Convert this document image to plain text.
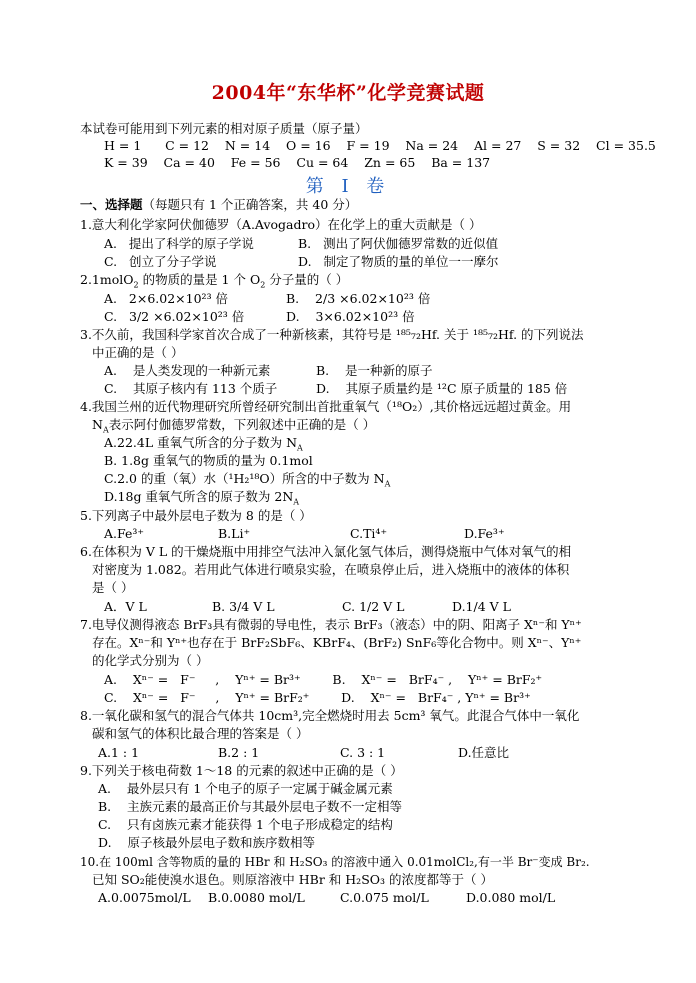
2004年“东华杯”化学竞赛试题
本试卷可能用到下列元素的相对原子质量（原子量）
H = 1      C = 12    N = 14    O = 16    F = 19    Na = 24    Al = 27    S = 32    Cl = 35.5
K = 39    Ca = 40    Fe = 56    Cu = 64    Zn = 65    Ba = 137
第 I 卷
一、选择题（每题只有 1 个正确答案，共 40 分）
1.意大利化学家阿伏伽德罗（A.Avogadro）在化学上的重大贡献是（ ）
A.   提出了科学的原子学说	B.   测出了阿伏伽德罗常数的近似值
C.   创立了分子学说	D.   制定了物质的量的单位一一摩尔
2.1molO$_2$ 的物质的量是 1 个 $O_2$ 分子量的（ ）
A.   2×6.02×10²³ 倍	B.    2/3 ×6.02×10²³ 倍
C.   3/2 ×6.02×10²³ 倍	D.    3×6.02×10²³ 倍
3.不久前，我国科学家首次合成了一种新核素，其符号是 ¹⁸⁵₇₂Hf. 关于 ¹⁸⁵₇₂Hf. 的下列说法
中正确的是（ ）
A.    是人类发现的一种新元素	B.    是一种新的原子
C.    其原子核内有 113 个质子	D.    其原子质量约是 ¹²C 原子质量的 185 倍
4.我国兰州的近代物理研究所曾经研究制出首批重氧气（¹⁸O₂）,其价格远远超过黄金。用
$N_A$表示阿付伽德罗常数，下列叙述中正确的是（ ）
A.22.4L 重氧气所含的分子数为 $N_A$
B. 1.8g 重氧气的物质的量为 0.1mol
C.2.0 的重（氧）水（¹H₂¹⁸O）所含的中子数为 $N_A$
D.18g 重氧气所含的原子数为 $2N_A$
5.下列离子中最外层电子数为 8 的是（ ）
A.Fe³⁺	B.Li⁺	C.Ti⁴⁺	D.Fe³⁺
6.在体积为 V L 的干燥烧瓶中用排空气法冲入氯化氢气体后，测得烧瓶中气体对氧气的相
对密度为 1.082。若用此气体进行喷泉实验，在喷泉停止后，进入烧瓶中的液体的体积
是（ ）
A．V L	B. 3/4 V L	C. 1/2 V L	D.1/4 V L
7.电导仪测得液态 BrF₃具有微弱的导电性，表示 BrF₃（液态）中的阴、阳离子 Xⁿ⁻和 Yⁿ⁺
存在。Xⁿ⁻和 Yⁿ⁺也存在于 BrF₂SbF₆、KBrF₄、(BrF₂) SnF₆等化合物中。则 Xⁿ⁻、Yⁿ⁺
的化学式分别为（ ）
A.    Xⁿ⁻ =   F⁻     ,    Yⁿ⁺ = Br³⁺        B.    Xⁿ⁻ =   BrF₄⁻ ,    Yⁿ⁺ = BrF₂⁺
C.    Xⁿ⁻ =   F⁻     ,    Yⁿ⁺ = BrF₂⁺        D.    Xⁿ⁻ =   BrF₄⁻ , Yⁿ⁺ = Br³⁺
8.一氧化碳和氢气的混合气体共 10cm³,完全燃烧时用去 5cm³ 氧气。此混合气体中一氧化
碳和氢气的体积比最合理的答案是（ ）
A.1 : 1	B.2 : 1	C. 3 : 1	D.任意比
9.下列关于核电荷数 1～18 的元素的叙述中正确的是（ ）
A.    最外层只有 1 个电子的原子一定属于碱金属元素
B.    主族元素的最高正价与其最外层电子数不一定相等
C.    只有卤族元素才能获得 1 个电子形成稳定的结构
D.    原子核最外层电子数和族序数相等
10.在 100ml 含等物质的量的 HBr 和 H₂SO₃ 的溶液中通入 0.01molCl₂,有一半 Br⁻变成 Br₂.
已知 SO₂能使溴水退色。则原溶液中 HBr 和 H₂SO₃ 的浓度都等于（ ）
A.0.0075mol/L B.0.0080 mol/L	C.0.075 mol/L	D.0.080 mol/L
